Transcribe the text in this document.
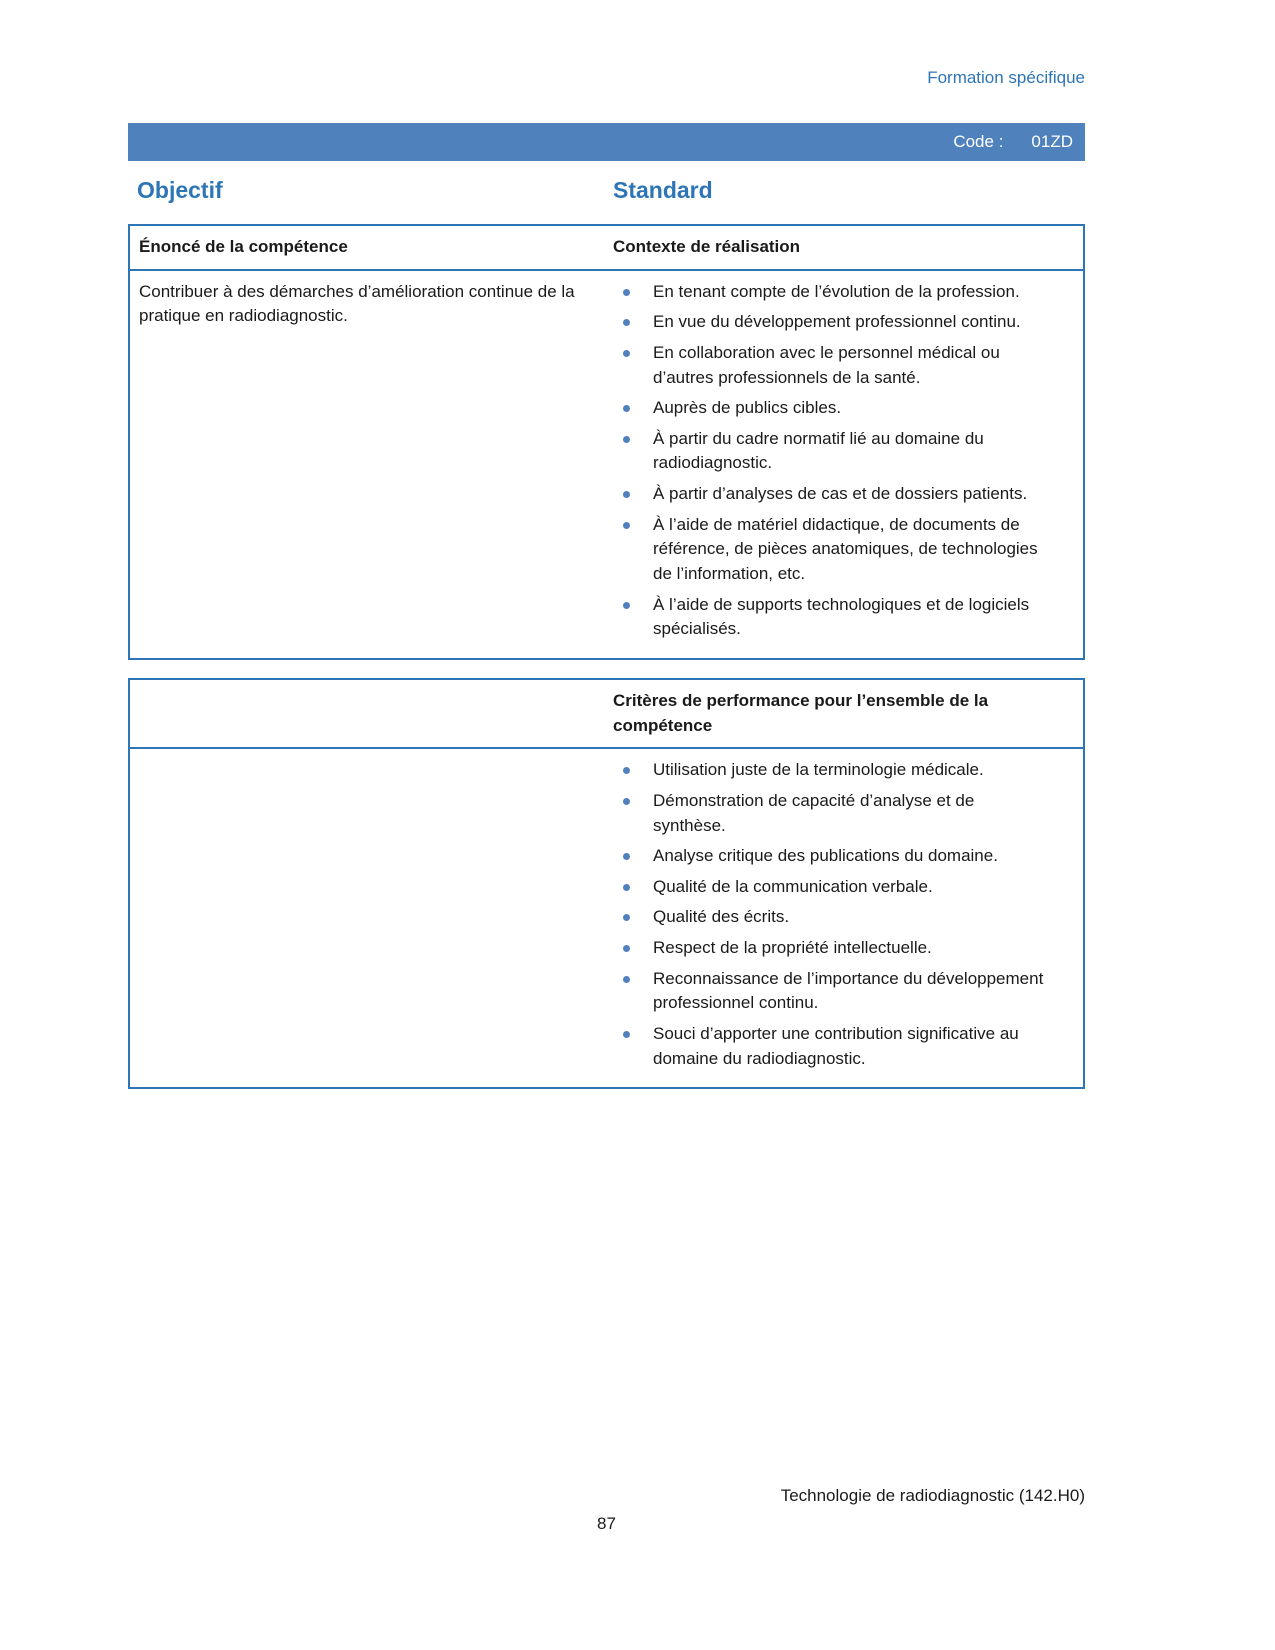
Formation spécifique
Code : 01ZD
Objectif	Standard
Énoncé de la compétence	Contexte de réalisation
Contribuer à des démarches d’amélioration continue de la pratique en radiodiagnostic.
En tenant compte de l’évolution de la profession.
En vue du développement professionnel continu.
En collaboration avec le personnel médical ou d’autres professionnels de la santé.
Auprès de publics cibles.
À partir du cadre normatif lié au domaine du radiodiagnostic.
À partir d’analyses de cas et de dossiers patients.
À l’aide de matériel didactique, de documents de référence, de pièces anatomiques, de technologies de l’information, etc.
À l’aide de supports technologiques et de logiciels spécialisés.
Critères de performance pour l’ensemble de la compétence
Utilisation juste de la terminologie médicale.
Démonstration de capacité d’analyse et de synthèse.
Analyse critique des publications du domaine.
Qualité de la communication verbale.
Qualité des écrits.
Respect de la propriété intellectuelle.
Reconnaissance de l’importance du développement professionnel continu.
Souci d’apporter une contribution significative au domaine du radiodiagnostic.
Technologie de radiodiagnostic (142.H0)
87
